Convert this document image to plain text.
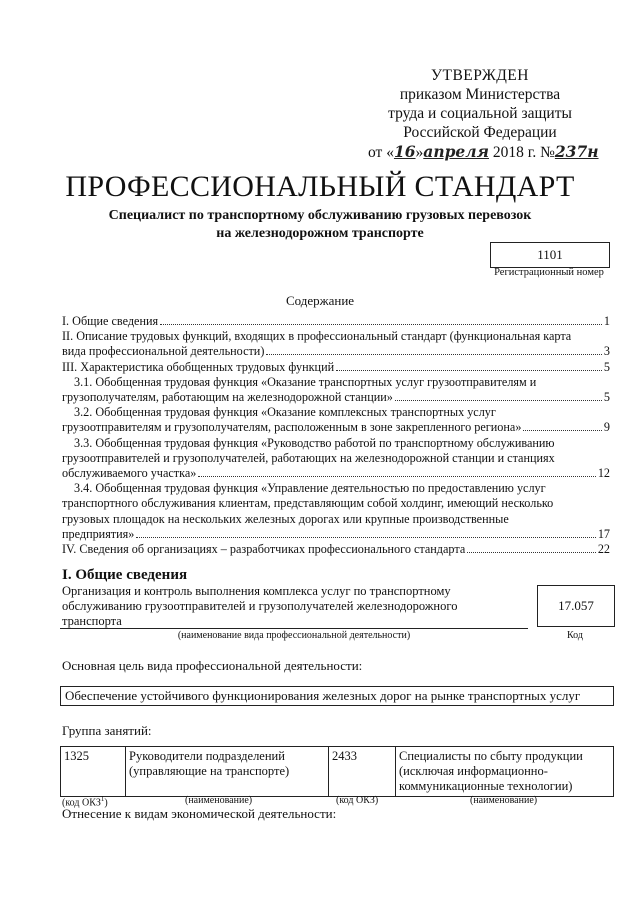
УТВЕРЖДЕН
приказом Министерства
труда и социальной защиты
Российской Федерации
от «16»апреля 2018 г. №237н
ПРОФЕССИОНАЛЬНЫЙ СТАНДАРТ
Специалист по транспортному обслуживанию грузовых перевозок
на железнодорожном транспорте
1101
Регистрационный номер
Содержание
I. Общие сведения	1
II. Описание трудовых функций, входящих в профессиональный стандарт (функциональная карта
вида профессиональной деятельности)	3
III. Характеристика обобщенных трудовых функций	5
3.1. Обобщенная трудовая функция «Оказание транспортных услуг грузоотправителям и
грузополучателям, работающим на железнодорожной станции»	5
3.2. Обобщенная трудовая функция «Оказание комплексных транспортных услуг
грузоотправителям и грузополучателям, расположенным в зоне закрепленного региона»	9
3.3. Обобщенная трудовая функция «Руководство работой по транспортному обслуживанию
грузоотправителей и грузополучателей, работающих на железнодорожной станции и станциях
обслуживаемого участка»	12
3.4. Обобщенная трудовая функция «Управление деятельностью по предоставлению услуг
транспортного обслуживания клиентам, представляющим собой холдинг, имеющий несколько
грузовых площадок на нескольких железных дорогах или крупные производственные
предприятия»	17
IV. Сведения об организациях – разработчиках профессионального стандарта	22
I. Общие сведения
Организация и контроль выполнения комплекса услуг по транспортному
обслуживанию грузоотправителей и грузополучателей железнодорожного
транспорта
17.057
(наименование вида профессиональной деятельности)	Код
Основная цель вида профессиональной деятельности:
Обеспечение устойчивого функционирования железных дорог на рынке транспортных услуг
Группа занятий:
1325	Руководители подразделений (управляющие на транспорте)	2433	Специалисты по сбыту продукции (исключая информационно-коммуникационные технологии)
(код ОКЗ$^1$)	(наименование)	(код ОКЗ)	(наименование)
Отнесение к видам экономической деятельности:
